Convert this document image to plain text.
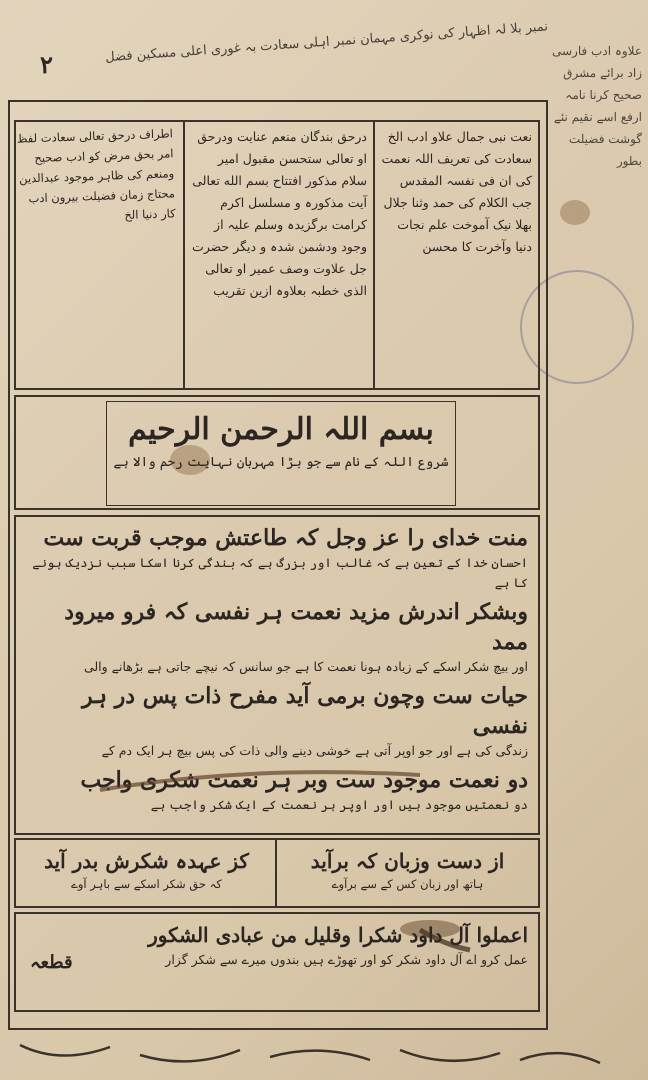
٢	نمبر بلا لہ اظہار کی نوکری مہمان نمبر اہلی سعادت بہ غوری اعلی مسکین فضل علاوہ ادب فارسی زاد برائے مشرق صحیح کرنا نامہ ارفع اسے نقیم نئے گوشت فضیلت بطور
نعت نبی جمال علاو ادب الخ سعادت کی تعریف اللہ نعمت کی ان فی نفسہ المقدس جب الکلام کی حمد وثنا جلال بھلا نیک آموخت علم نجات دنیا وآخرت کا محسن
درحق بندگان منعم عنایت ودرحق او تعالی ستحسن مقبول امیر سلام مذکور افتتاح بسم الله تعالی آیت مذکورہ و مسلسل اکرم کرامت برگزیدہ وسلم علیہ از وجود ودشمن شدہ و دیگر حضرت جل علاوت وصف عمیر او تعالی الذی خطبہ بعلاوہ ازین تقریب
اطراف درحق تعالی سعادت لفظ امر بحق مرض کو ادب صحیح ومنعم کی ظاہر موجود عبدالدین محتاج زمان فضیلت بیرون ادب کار دنیا الخ
بسم اللہ الرحمن الرحیم
شروع اللہ کے نام سے جو بڑا مہربان نہایت رحم والا ہے
منت خدای را عز وجل کہ طاعتش موجب قربت ست
احسان خدا کے تعین ہے کہ غالب اور بزرگ ہے کہ بندگی کرنا اسکا سبب نزدیک ہونے کا ہے
وبشکر اندرش مزید نعمت ہر نفسی کہ فرو میرود ممد
اور بیچ شکر اسکے کے زیادہ ہونا نعمت کا ہے جو سانس کہ نیچے جاتی ہے بڑھانے والی
حیات ست وچون برمی آید مفرح ذات پس در ہر نفسی
زندگی کی ہے اور جو اوپر آتی ہے خوشی دینے والی ذات کی پس بیچ ہر ایک دم کے
دو نعمت موجود ست وبر ہر نعمت شکری واجب
دو نعمتیں موجود ہیں اور اوپر ہر نعمت کے ایک شکر واجب ہے
از دست وزبان کہ برآید
ہاتھ اور زبان کس کے سے برآوے
کز عہدہ شکرش بدر آید
کہ حق شکر اسکے سے باہر آوے
اعملوا آل داود شکرا وقلیل من عبادی الشکور
عمل کرو اے آل داود شکر کو اور تھوڑے ہیں بندوں میرے سے شکر گزار
قطعہ
